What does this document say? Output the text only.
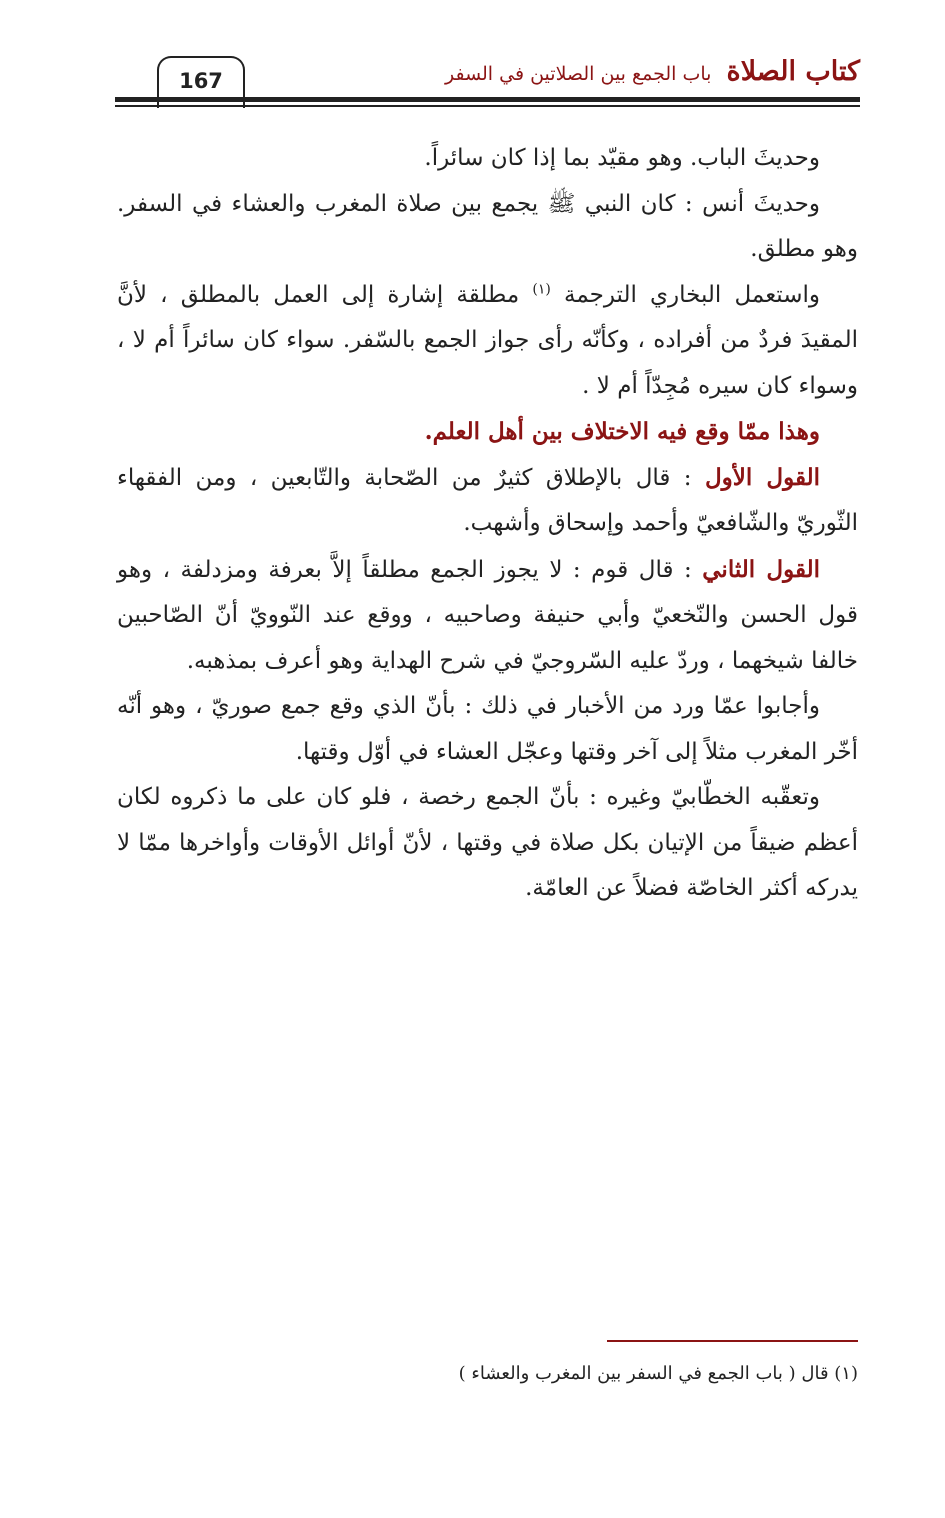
167	كتاب الصلاة باب الجمع بين الصلاتين في السفر

وحديثَ الباب. وهو مقيّد بما إذا كان سائراً.

وحديثَ أنس : كان النبي ﷺ يجمع بين صلاة المغرب والعشاء في السفر. وهو مطلق.

واستعمل البخاري الترجمة $^{(١)}$ مطلقة إشارة إلى العمل بالمطلق ، لأنَّ المقيدَ فردٌ من أفراده ، وكأنّه رأى جواز الجمع بالسّفر. سواء كان سائراً أم لا ، وسواء كان سيره مُجِدّاً أم لا .

وهذا ممّا وقع فيه الاختلاف بين أهل العلم.

القول الأول : قال بالإطلاق كثيرٌ من الصّحابة والتّابعين ، ومن الفقهاء الثّوريّ والشّافعيّ وأحمد وإسحاق وأشهب.

القول الثاني : قال قوم : لا يجوز الجمع مطلقاً إلاَّ بعرفة ومزدلفة ، وهو قول الحسن والنّخعيّ وأبي حنيفة وصاحبيه ، ووقع عند النّوويّ أنّ الصّاحبين خالفا شيخهما ، وردّ عليه السّروجيّ في شرح الهداية وهو أعرف بمذهبه.

وأجابوا عمّا ورد من الأخبار في ذلك : بأنّ الذي وقع جمع صوريّ ، وهو أنّه أخّر المغرب مثلاً إلى آخر وقتها وعجّل العشاء في أوّل وقتها.

وتعقّبه الخطّابيّ وغيره : بأنّ الجمع رخصة ، فلو كان على ما ذكروه لكان أعظم ضيقاً من الإتيان بكل صلاة في وقتها ، لأنّ أوائل الأوقات وأواخرها ممّا لا يدركه أكثر الخاصّة فضلاً عن العامّة.

(١) قال ( باب الجمع في السفر بين المغرب والعشاء )
